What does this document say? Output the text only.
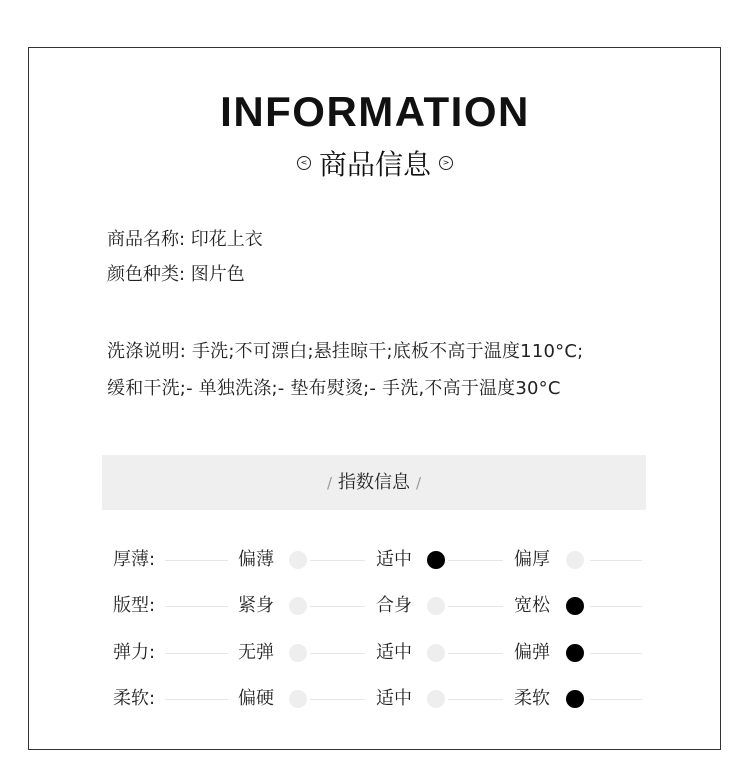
INFORMATION
< 商品信息 >
商品名称: 印花上衣
颜色种类: 图片色
洗涤说明: 手洗;不可漂白;悬挂晾干;底板不高于温度110°C;
缓和干洗;- 单独洗涤;- 垫布熨烫;- 手洗,不高于温度30°C
/ 指数信息 /
厚薄:	偏薄	适中	偏厚
版型:	紧身	合身	宽松
弹力:	无弹	适中	偏弹
柔软:	偏硬	适中	柔软
